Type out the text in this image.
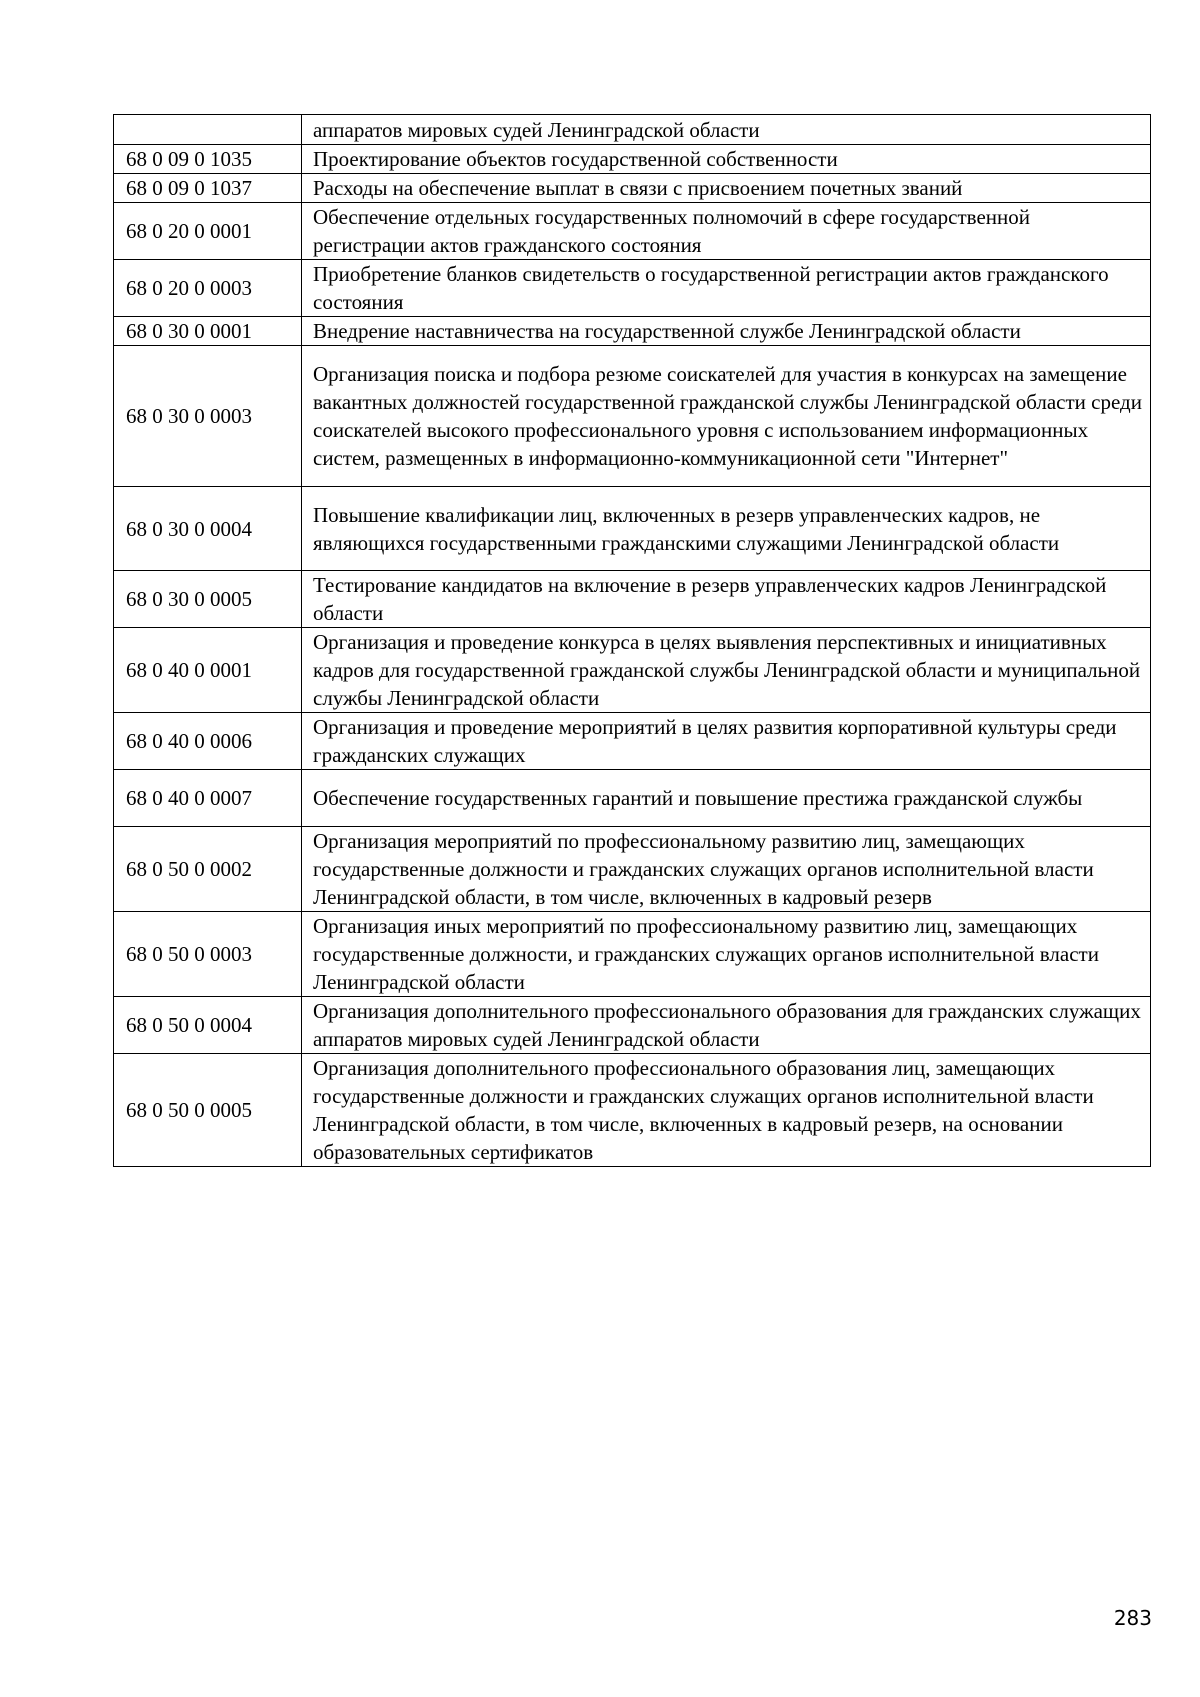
	аппаратов мировых судей Ленинградской области
68 0 09 0 1035	Проектирование объектов государственной собственности
68 0 09 0 1037	Расходы на обеспечение выплат в связи с присвоением почетных званий
68 0 20 0 0001	Обеспечение отдельных государственных полномочий в сфере государственной регистрации актов гражданского состояния
68 0 20 0 0003	Приобретение бланков свидетельств о государственной регистрации актов гражданского состояния
68 0 30 0 0001	Внедрение наставничества на государственной службе Ленинградской области
68 0 30 0 0003	Организация поиска и подбора резюме соискателей для участия в конкурсах на замещение вакантных должностей государственной гражданской службы Ленинградской области среди соискателей высокого профессионального уровня с использованием информационных систем, размещенных в информационно-коммуникационной сети "Интернет"
68 0 30 0 0004	Повышение квалификации лиц, включенных в резерв управленческих кадров, не являющихся государственными гражданскими служащими Ленинградской области
68 0 30 0 0005	Тестирование кандидатов на включение в резерв управленческих кадров Ленинградской области
68 0 40 0 0001	Организация и проведение конкурса в целях выявления перспективных и инициативных кадров для государственной гражданской службы Ленинградской области и муниципальной службы Ленинградской области
68 0 40 0 0006	Организация и проведение мероприятий в целях развития корпоративной культуры среди гражданских служащих
68 0 40 0 0007	Обеспечение государственных гарантий и повышение престижа гражданской службы
68 0 50 0 0002	Организация мероприятий по профессиональному развитию лиц, замещающих государственные должности и гражданских служащих органов исполнительной власти Ленинградской области, в том числе, включенных в кадровый резерв
68 0 50 0 0003	Организация иных мероприятий по профессиональному развитию лиц, замещающих государственные должности, и гражданских служащих органов исполнительной власти Ленинградской области
68 0 50 0 0004	Организация дополнительного профессионального образования для гражданских служащих аппаратов мировых судей Ленинградской области
68 0 50 0 0005	Организация дополнительного профессионального образования лиц, замещающих государственные должности и гражданских служащих органов исполнительной власти Ленинградской области, в том числе, включенных в кадровый резерв, на основании образовательных сертификатов
283
